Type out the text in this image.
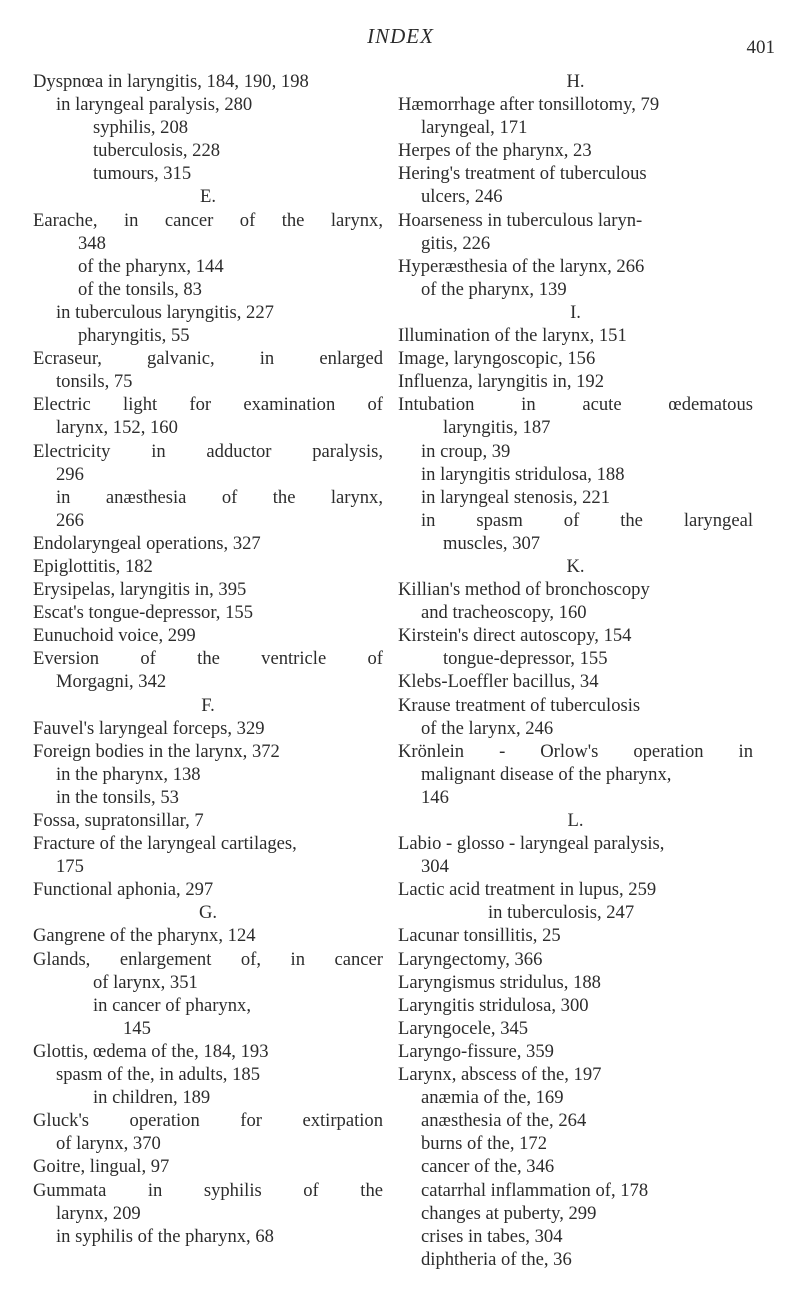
INDEX	401
Dyspnœa in laryngitis, 184, 190, 198
in laryngeal paralysis, 280
syphilis, 208
tuberculosis, 228
tumours, 315
E.
Earache, in cancer of the larynx,
348
of the pharynx, 144
of the tonsils, 83
in tuberculous laryngitis, 227
pharyngitis, 55
Ecraseur, galvanic, in enlarged
tonsils, 75
Electric light for examination of
larynx, 152, 160
Electricity in adductor paralysis,
296
in anæsthesia of the larynx,
266
Endolaryngeal operations, 327
Epiglottitis, 182
Erysipelas, laryngitis in, 395
Escat's tongue-depressor, 155
Eunuchoid voice, 299
Eversion of the ventricle of
Morgagni, 342
F.
Fauvel's laryngeal forceps, 329
Foreign bodies in the larynx, 372
in the pharynx, 138
in the tonsils, 53
Fossa, supratonsillar, 7
Fracture of the laryngeal cartilages,
175
Functional aphonia, 297
G.
Gangrene of the pharynx, 124
Glands, enlargement of, in cancer
of larynx, 351
in cancer of pharynx,
145
Glottis, œdema of the, 184, 193
spasm of the, in adults, 185
in children, 189
Gluck's operation for extirpation
of larynx, 370
Goitre, lingual, 97
Gummata in syphilis of the
larynx, 209
in syphilis of the pharynx, 68
H.
Hæmorrhage after tonsillotomy, 79
laryngeal, 171
Herpes of the pharynx, 23
Hering's treatment of tuberculous
ulcers, 246
Hoarseness in tuberculous laryn-
gitis, 226
Hyperæsthesia of the larynx, 266
of the pharynx, 139
I.
Illumination of the larynx, 151
Image, laryngoscopic, 156
Influenza, laryngitis in, 192
Intubation in acute œdematous
laryngitis, 187
in croup, 39
in laryngitis stridulosa, 188
in laryngeal stenosis, 221
in spasm of the laryngeal
muscles, 307
K.
Killian's method of bronchoscopy
and tracheoscopy, 160
Kirstein's direct autoscopy, 154
tongue-depressor, 155
Klebs-Loeffler bacillus, 34
Krause treatment of tuberculosis
of the larynx, 246
Krönlein - Orlow's operation in
malignant disease of the pharynx,
146
L.
Labio - glosso - laryngeal paralysis,
304
Lactic acid treatment in lupus, 259
in tuberculosis, 247
Lacunar tonsillitis, 25
Laryngectomy, 366
Laryngismus stridulus, 188
Laryngitis stridulosa, 300
Laryngocele, 345
Laryngo-fissure, 359
Larynx, abscess of the, 197
anæmia of the, 169
anæsthesia of the, 264
burns of the, 172
cancer of the, 346
catarrhal inflammation of, 178
changes at puberty, 299
crises in tabes, 304
diphtheria of the, 36
